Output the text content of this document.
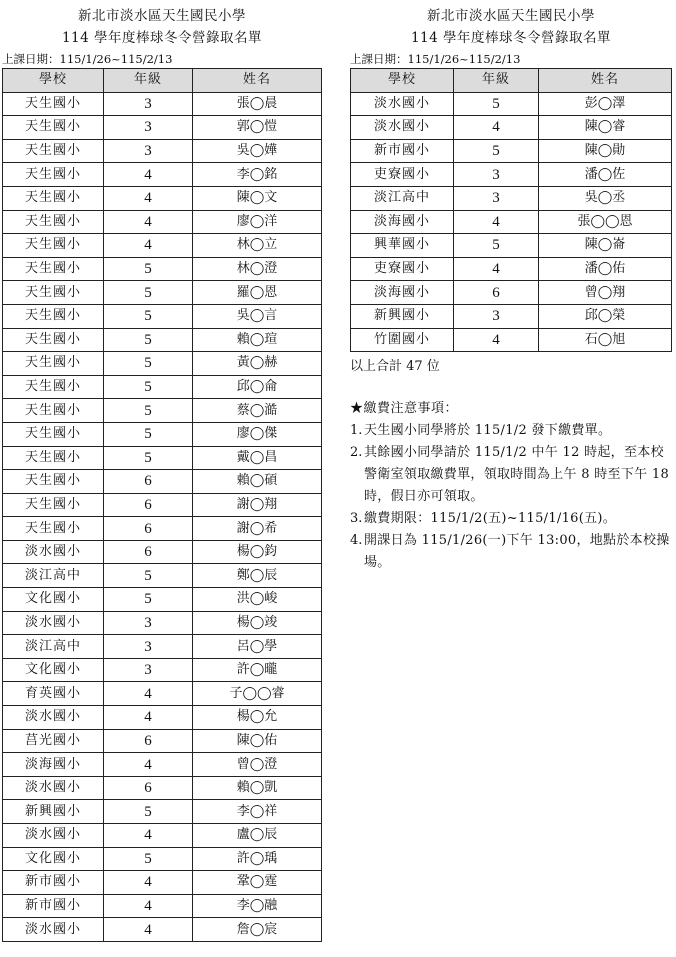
新北市淡水區天生國民小學
114 學年度棒球冬令營錄取名單
上課日期：115/1/26~115/2/13
學校	年級	姓名
天生國小	3	張◯晨
天生國小	3	郭◯愷
天生國小	3	吳◯嬅
天生國小	4	李◯銘
天生國小	4	陳◯文
天生國小	4	廖◯洋
天生國小	4	林◯立
天生國小	5	林◯澄
天生國小	5	羅◯恩
天生國小	5	吳◯言
天生國小	5	賴◯瑄
天生國小	5	黃◯赫
天生國小	5	邱◯侖
天生國小	5	蔡◯澔
天生國小	5	廖◯傑
天生國小	5	戴◯昌
天生國小	6	賴◯碩
天生國小	6	謝◯翔
天生國小	6	謝◯希
淡水國小	6	楊◯鈞
淡江高中	5	鄭◯辰
文化國小	5	洪◯峻
淡水國小	3	楊◯竣
淡江高中	3	呂◯學
文化國小	3	許◯曨
育英國小	4	子◯◯睿
淡水國小	4	楊◯允
莒光國小	6	陳◯佑
淡海國小	4	曾◯澄
淡水國小	6	賴◯凱
新興國小	5	李◯祥
淡水國小	4	盧◯辰
文化國小	5	許◯瑀
新市國小	4	鞏◯霆
新市國小	4	李◯融
淡水國小	4	詹◯宸
新北市淡水區天生國民小學
114 學年度棒球冬令營錄取名單
上課日期：115/1/26~115/2/13
學校	年級	姓名
淡水國小	5	彭◯澤
淡水國小	4	陳◯睿
新市國小	5	陳◯勛
吏寮國小	3	潘◯佐
淡江高中	3	吳◯丞
淡海國小	4	張◯◯恩
興華國小	5	陳◯崙
吏寮國小	4	潘◯佑
淡海國小	6	曾◯翔
新興國小	3	邱◯榮
竹圍國小	4	石◯旭
以上合計 47 位
★繳費注意事項：
1. 天生國小同學將於 115/1/2 發下繳費單。
2. 其餘國小同學請於 115/1/2 中午 12 時起，至本校警衛室領取繳費單，領取時間為上午 8 時至下午 18 時，假日亦可領取。
3. 繳費期限：115/1/2(五)~115/1/16(五)。
4. 開課日為 115/1/26(一)下午 13:00，地點於本校操場。
